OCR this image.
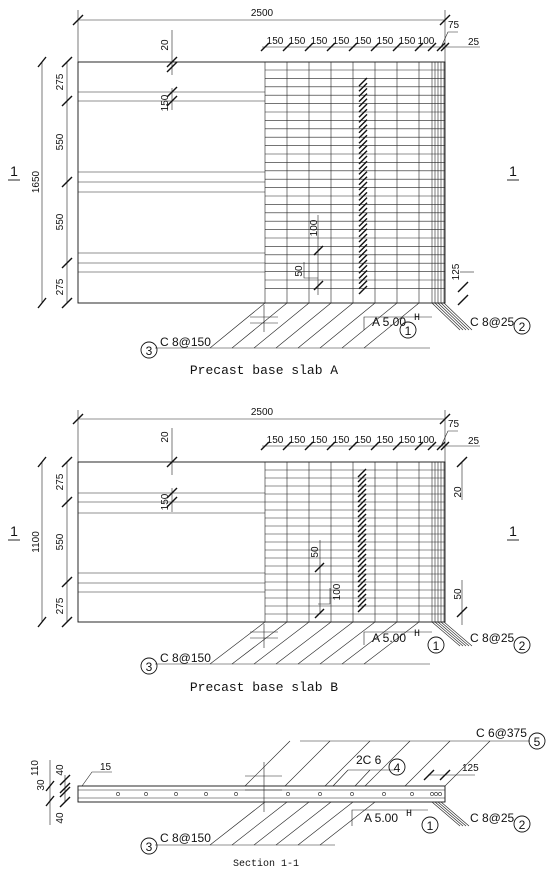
2500
150 150 150 150 150 150 150 100
75
25
20
150
1650
275
550
550
275
100
50	125
1	1
3
C 8@150
1
A 5.00 H
2
C 8@25
Precast base slab A
2500
150 150 150 150 150 150 150 100
75
25
20
150
1100
275
550
275
50
100
20
50
1	1
3
C 8@150
1
A 5.00 H
2
C 8@25
Precast base slab B
110
30
40
40
15	125
5
C 6@375
4
2C 6
3
C 8@150
1
A 5.00 H
2
C 8@25
Section 1-1
